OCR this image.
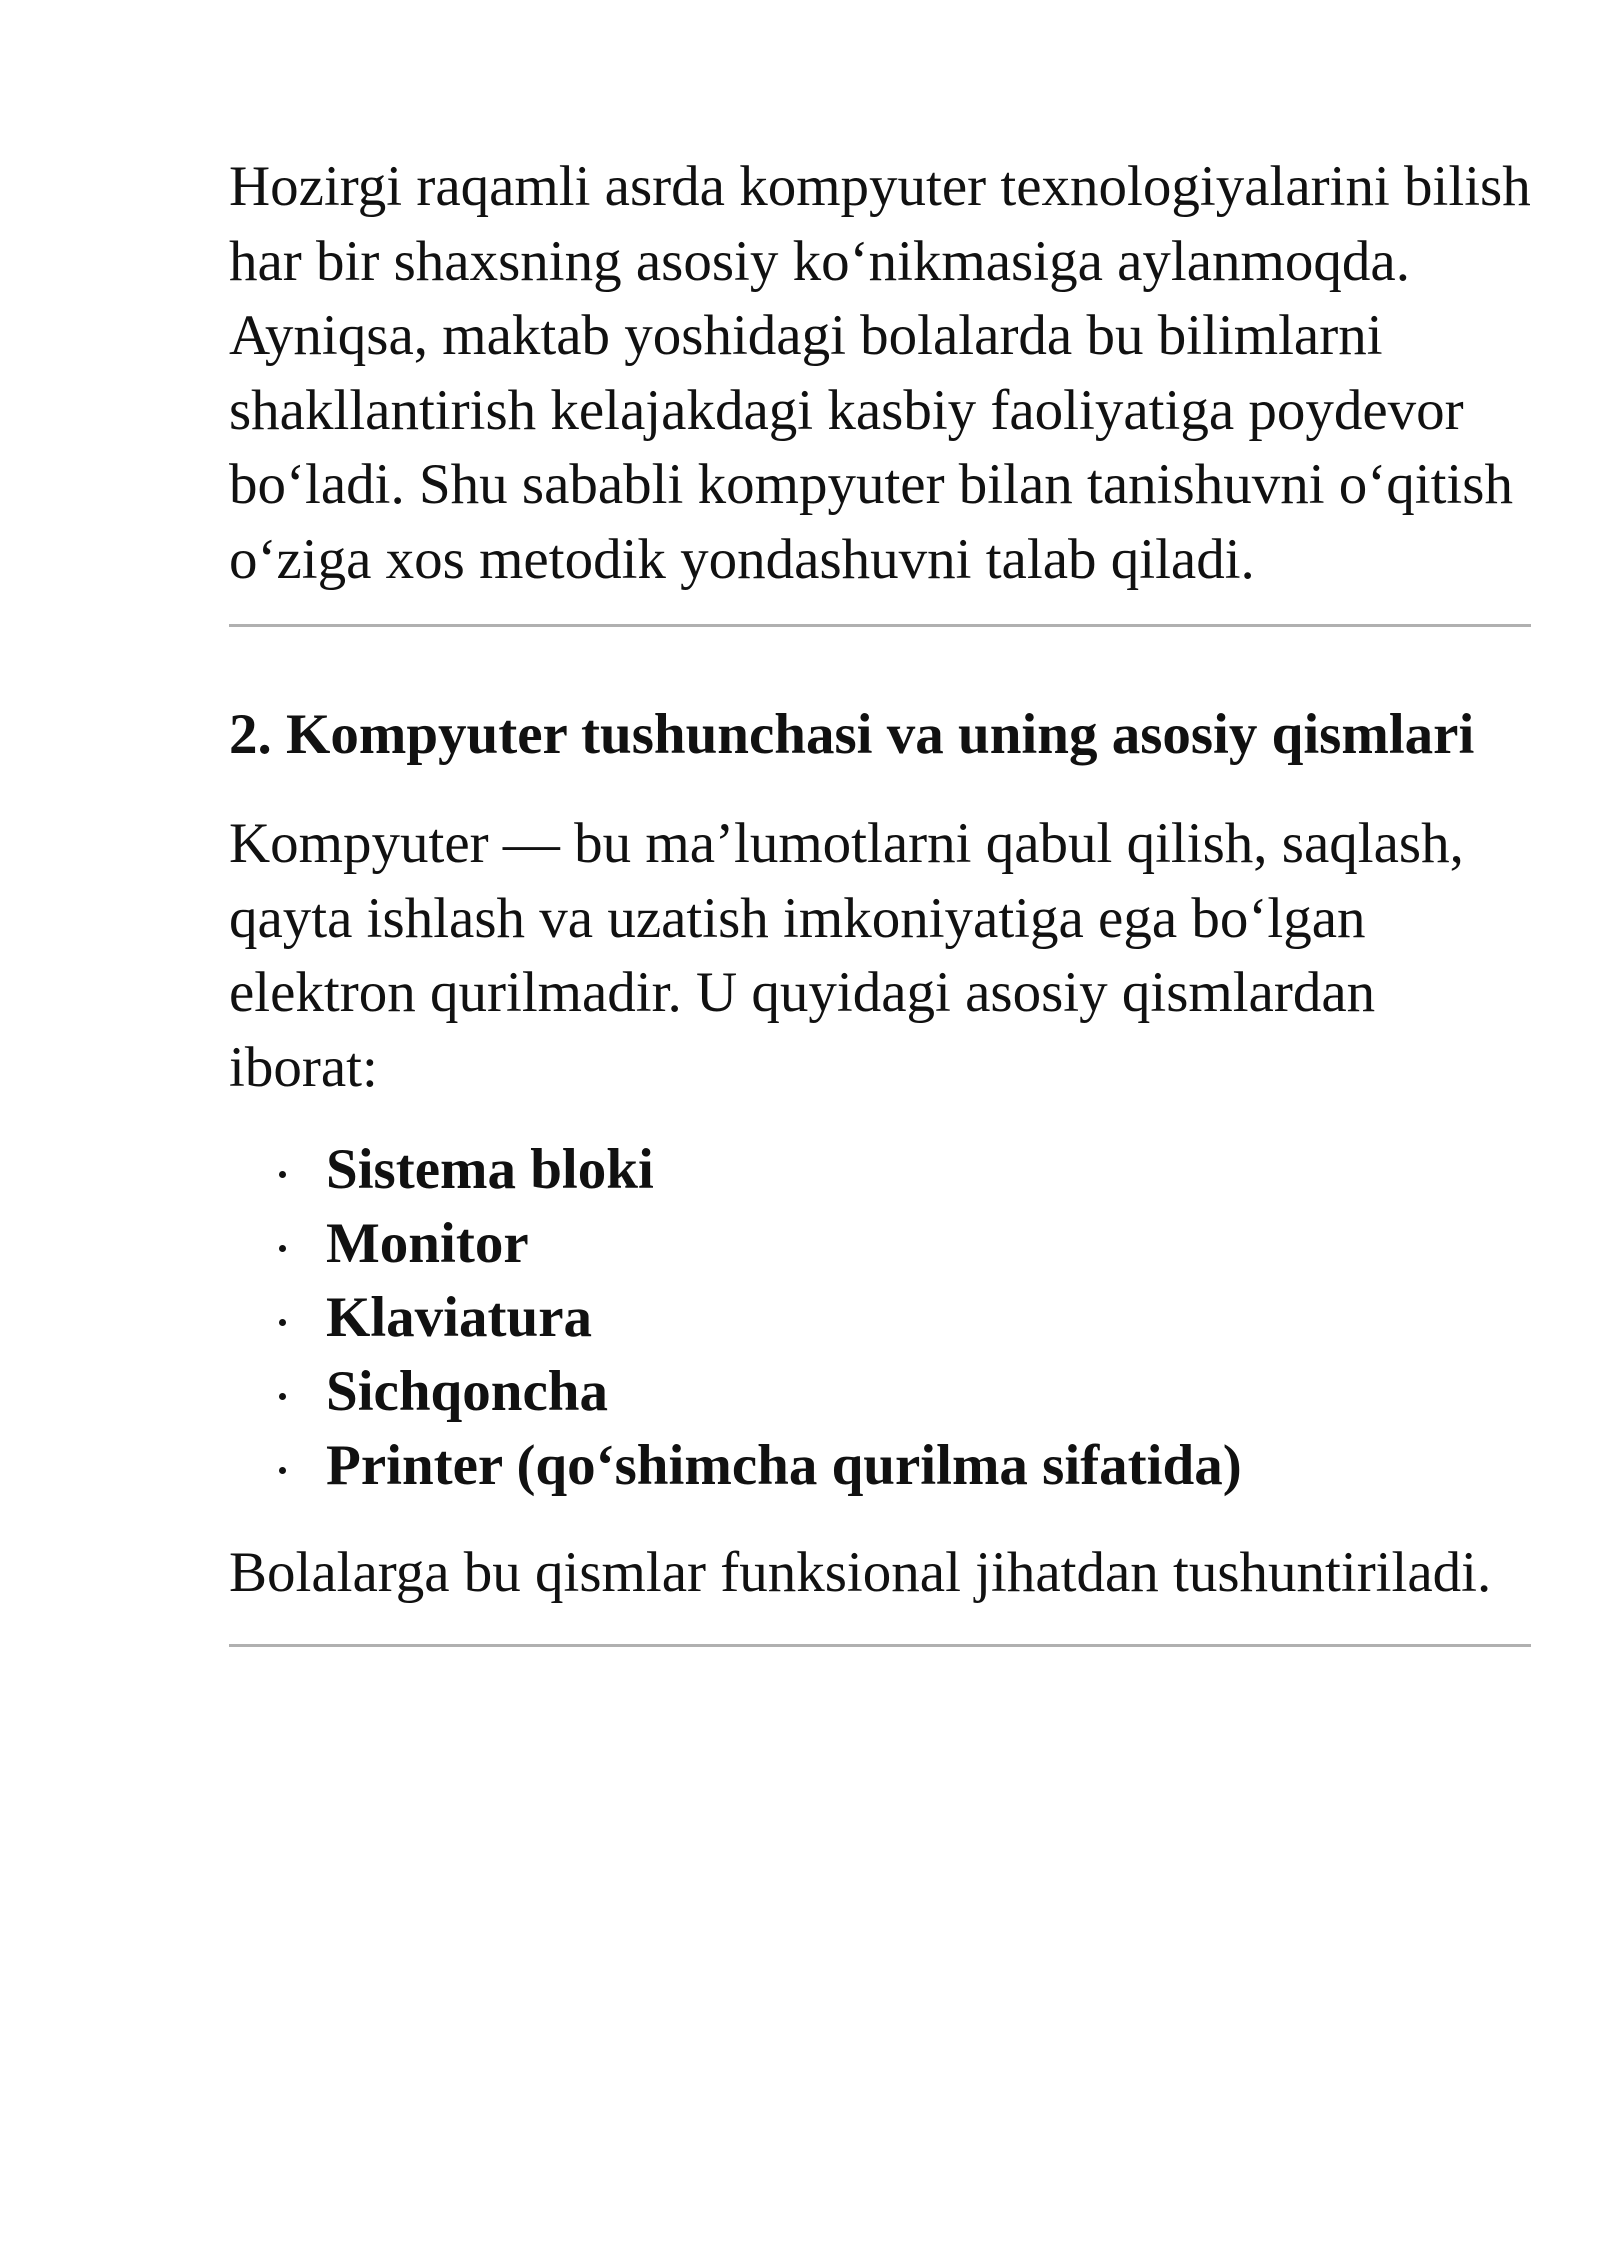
Hozirgi raqamli asrda kompyuter texnologiyalarini bilish har bir shaxsning asosiy ko‘nikmasiga aylanmoqda. Ayniqsa, maktab yoshidagi bolalarda bu bilimlarni shakllantirish kelajakdagi kasbiy faoliyatiga poydevor bo‘ladi. Shu sababli kompyuter bilan tanishuvni o‘qitish o‘ziga xos metodik yondashuvni talab qiladi.

2. Kompyuter tushunchasi va uning asosiy qismlari

Kompyuter — bu ma’lumotlarni qabul qilish, saqlash, qayta ishlash va uzatish imkoniyatiga ega bo‘lgan elektron qurilmadir. U quyidagi asosiy qismlardan iborat:

Sistema bloki
Monitor
Klaviatura
Sichqoncha
Printer (qo‘shimcha qurilma sifatida)

Bolalarga bu qismlar funksional jihatdan tushuntiriladi.
